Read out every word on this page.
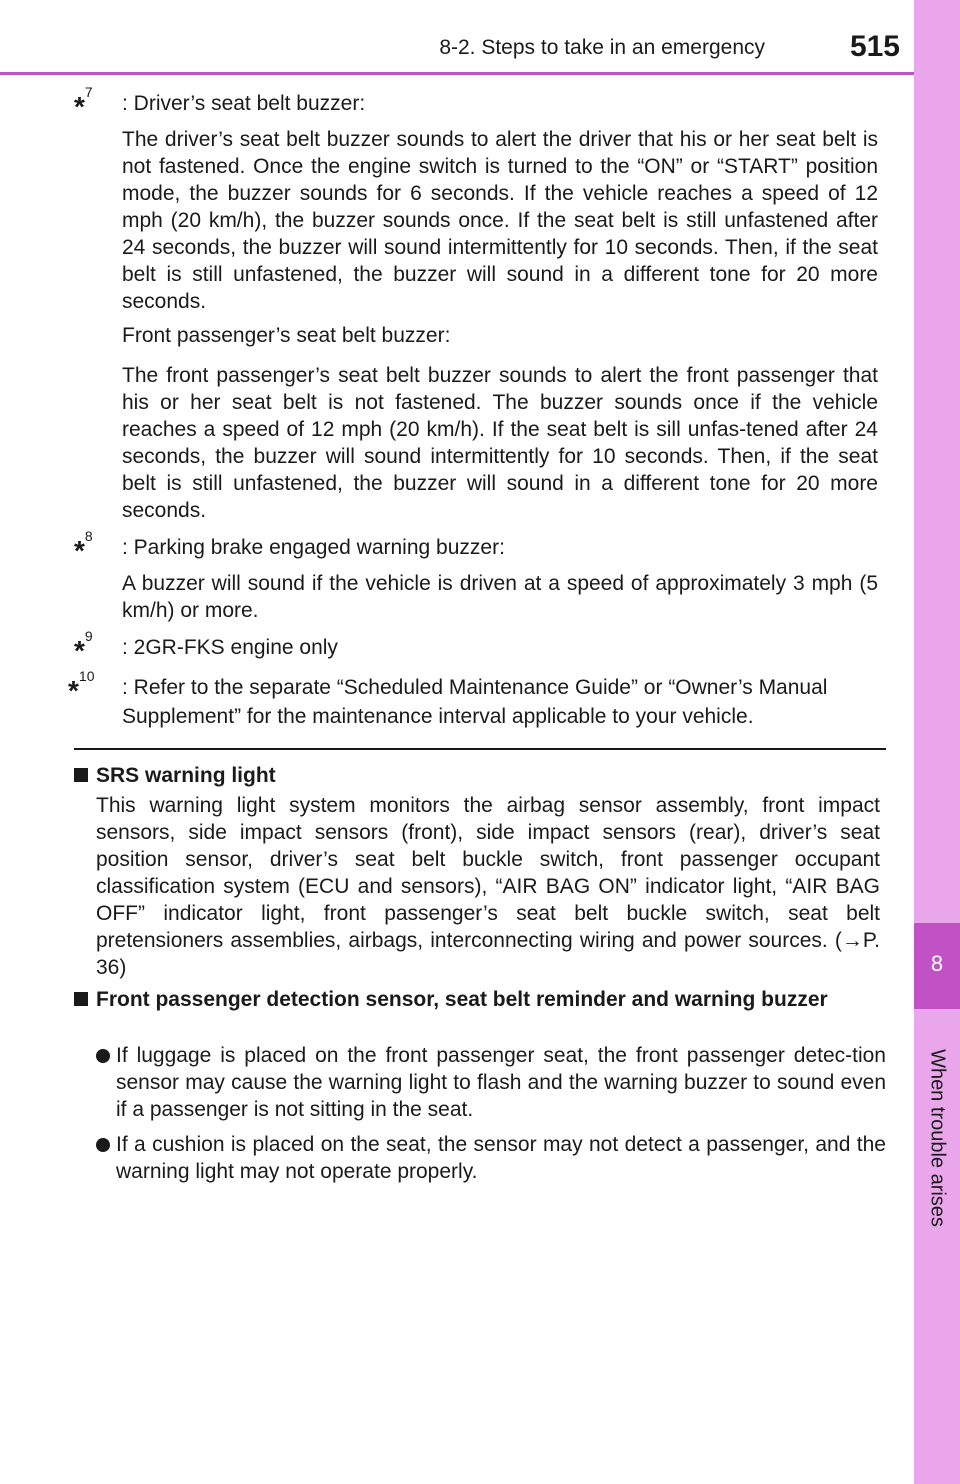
8
When trouble arises
8-2. Steps to take in an emergency	515
*$^7$	: Driver’s seat belt buzzer:
The driver’s seat belt buzzer sounds to alert the driver that his or her seat belt is not fastened. Once the engine switch is turned to the “ON” or “START” position mode, the buzzer sounds for 6 seconds. If the vehicle reaches a speed of 12 mph (20 km/h), the buzzer sounds once. If the seat belt is still unfastened after 24 seconds, the buzzer will sound intermittently for 10 seconds. Then, if the seat belt is still unfastened, the buzzer will sound in a different tone for 20 more seconds.
Front passenger’s seat belt buzzer:
The front passenger’s seat belt buzzer sounds to alert the front passenger that his or her seat belt is not fastened. The buzzer sounds once if the vehicle reaches a speed of 12 mph (20 km/h). If the seat belt is sill unfas-tened after 24 seconds, the buzzer will sound intermittently for 10 seconds. Then, if the seat belt is still unfastened, the buzzer will sound in a different tone for 20 more seconds.
*$^8$	: Parking brake engaged warning buzzer:
A buzzer will sound if the vehicle is driven at a speed of approximately 3 mph (5 km/h) or more.
*$^9$	: 2GR-FKS engine only
*$^{10}$	: Refer to the separate “Scheduled Maintenance Guide” or “Owner’s Manual
Supplement” for the maintenance interval applicable to your vehicle.
SRS warning light
This warning light system monitors the airbag sensor assembly, front impact sensors, side impact sensors (front), side impact sensors (rear), driver’s seat position sensor, driver’s seat belt buckle switch, front passenger occupant classification system (ECU and sensors), “AIR BAG ON” indicator light, “AIR BAG OFF” indicator light, front passenger’s seat belt buckle switch, seat belt pretensioners assemblies, airbags, interconnecting wiring and power sources. (→P. 36)
Front passenger detection sensor, seat belt reminder and warning buzzer
If luggage is placed on the front passenger seat, the front passenger detec-tion sensor may cause the warning light to flash and the warning buzzer to sound even if a passenger is not sitting in the seat.
If a cushion is placed on the seat, the sensor may not detect a passenger, and the warning light may not operate properly.
